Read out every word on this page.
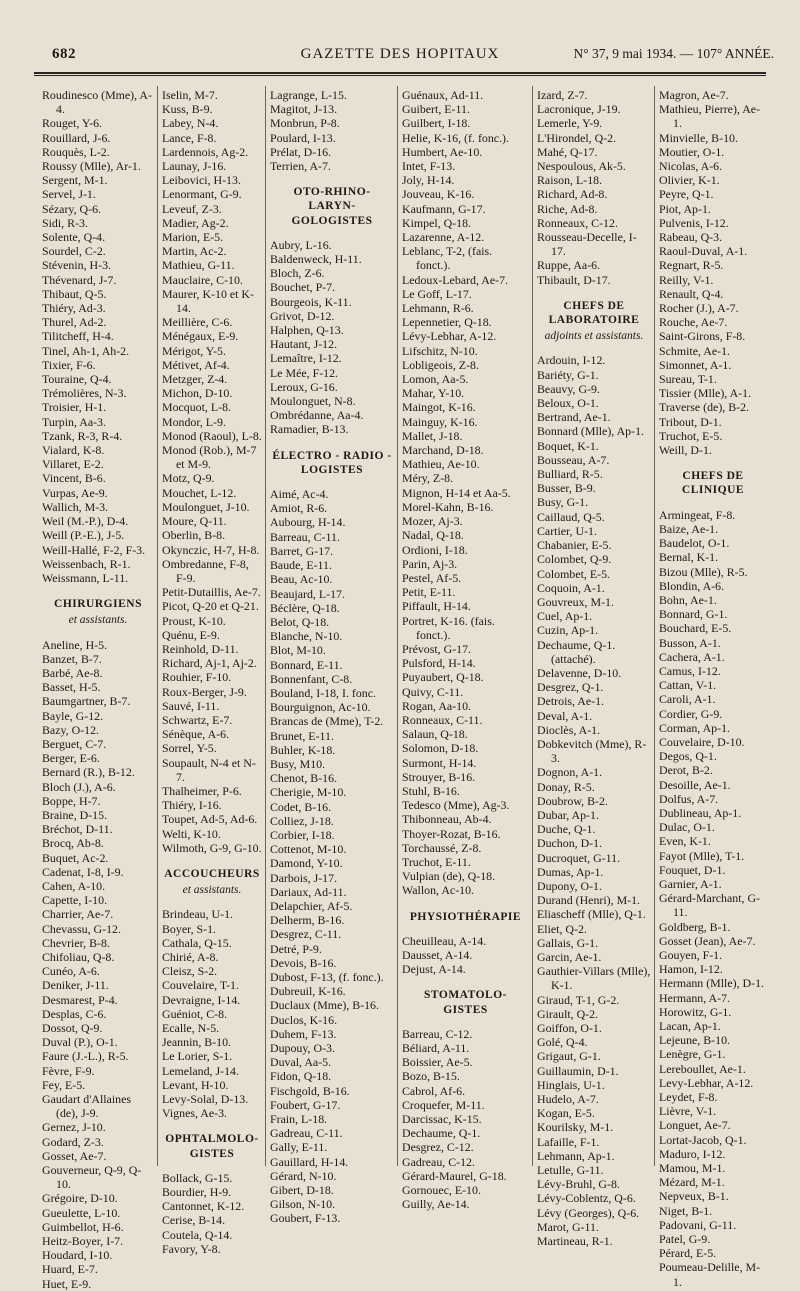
682	GAZETTE DES HOPITAUX	N° 37, 9 mai 1934. — 107° ANNÉE.
Roudinesco (Mme), A-4.
Rouget, Y-6.
Rouillard, J-6.
Rouquès, L-2.
Roussy (Mlle), Ar-1.
Sergent, M-1.
Servel, J-1.
Sézary, Q-6.
Sidi, R-3.
Solente, Q-4.
Sourdel, C-2.
Stévenin, H-3.
Thévenard, J-7.
Thibaut, Q-5.
Thiéry, Ad-3.
Thurel, Ad-2.
Tilitcheff, H-4.
Tinel, Ah-1, Ah-2.
Tixier, F-6.
Touraine, Q-4.
Trémolières, N-3.
Troisier, H-1.
Turpin, Aa-3.
Tzank, R-3, R-4.
Vialard, K-8.
Villaret, E-2.
Vincent, B-6.
Vurpas, Ae-9.
Wallich, M-3.
Weil (M.-P.), D-4.
Weill (P.-E.), J-5.
Weill-Hallé, F-2, F-3.
Weissenbach, R-1.
Weissmann, L-11.
CHIRURGIENS
et assistants.
Aneline, H-5.
Banzet, B-7.
Barbé, Ae-8.
Basset, H-5.
Baumgartner, B-7.
Bayle, G-12.
Bazy, O-12.
Berguet, C-7.
Berger, E-6.
Bernard (R.), B-12.
Bloch (J.), A-6.
Boppe, H-7.
Braine, D-15.
Bréchot, D-11.
Brocq, Ab-8.
Buquet, Ac-2.
Cadenat, I-8, I-9.
Cahen, A-10.
Capette, I-10.
Charrier, Ae-7.
Chevassu, G-12.
Chevrier, B-8.
Chifoliau, Q-8.
Cunéo, A-6.
Deniker, J-11.
Desmarest, P-4.
Desplas, C-6.
Dossot, Q-9.
Duval (P.), O-1.
Faure (J.-L.), R-5.
Fèvre, F-9.
Fey, E-5.
Gaudart d'Allaines (de), J-9.
Gernez, J-10.
Godard, Z-3.
Gosset, Ae-7.
Gouverneur, Q-9, Q-10.
Grégoire, D-10.
Gueulette, L-10.
Guimbellot, H-6.
Heitz-Boyer, I-7.
Houdard, I-10.
Huard, E-7.
Huet, E-9.
Iselin, M-7.
Kuss, B-9.
Labey, N-4.
Lance, F-8.
Lardennois, Ag-2.
Launay, J-16.
Leibovici, H-13.
Lenormant, G-9.
Leveuf, Z-3.
Madier, Ag-2.
Marion, E-5.
Martin, Ac-2.
Mathieu, G-11.
Mauclaire, C-10.
Maurer, K-10 et K-14.
Meillière, C-6.
Ménégaux, E-9.
Mérigot, Y-5.
Métivet, Af-4.
Metzger, Z-4.
Michon, D-10.
Mocquot, L-8.
Mondor, L-9.
Monod (Raoul), L-8.
Monod (Rob.), M-7 et M-9.
Motz, Q-9.
Mouchet, L-12.
Moulonguet, J-10.
Moure, Q-11.
Oberlin, B-8.
Okynczic, H-7, H-8.
Ombredanne, F-8, F-9.
Petit-Dutaillis, Ae-7.
Picot, Q-20 et Q-21.
Proust, K-10.
Quénu, E-9.
Reinhold, D-11.
Richard, Aj-1, Aj-2.
Rouhier, F-10.
Roux-Berger, J-9.
Sauvé, I-11.
Schwartz, E-7.
Sénèque, A-6.
Sorrel, Y-5.
Soupault, N-4 et N-7.
Thalheimer, P-6.
Thiéry, I-16.
Toupet, Ad-5, Ad-6.
Welti, K-10.
Wilmoth, G-9, G-10.
ACCOUCHEURS
et assistants.
Brindeau, U-1.
Boyer, S-1.
Cathala, Q-15.
Chirié, A-8.
Cleisz, S-2.
Couvelaire, T-1.
Devraigne, I-14.
Guéniot, C-8.
Ecalle, N-5.
Jeannin, B-10.
Le Lorier, S-1.
Lemeland, J-14.
Levant, H-10.
Levy-Solal, D-13.
Vignes, Ae-3.
OPHTALMOLO-GISTES
Bollack, G-15.
Bourdier, H-9.
Cantonnet, K-12.
Cerise, B-14.
Coutela, Q-14.
Favory, Y-8.
Lagrange, L-15.
Magitot, J-13.
Monbrun, P-8.
Poulard, I-13.
Prélat, D-16.
Terrien, A-7.
OTO-RHINO-LARYN-GOLOGISTES
Aubry, L-16.
Baldenweck, H-11.
Bloch, Z-6.
Bouchet, P-7.
Bourgeois, K-11.
Grivot, D-12.
Halphen, Q-13.
Hautant, J-12.
Lemaître, I-12.
Le Mée, F-12.
Leroux, G-16.
Moulonguet, N-8.
Ombrédanne, Aa-4.
Ramadier, B-13.
ÉLECTRO - RADIO - LOGISTES
Aimé, Ac-4.
Amiot, R-6.
Aubourg, H-14.
Barreau, C-11.
Barret, G-17.
Baude, E-11.
Beau, Ac-10.
Beaujard, L-17.
Béclère, Q-18.
Belot, Q-18.
Blanche, N-10.
Blot, M-10.
Bonnard, E-11.
Bonnenfant, C-8.
Bouland, I-18, I. fonc.
Bourguignon, Ac-10.
Brancas de (Mme), T-2.
Brunet, E-11.
Buhler, K-18.
Busy, M10.
Chenot, B-16.
Cherigie, M-10.
Codet, B-16.
Colliez, J-18.
Corbier, I-18.
Cottenot, M-10.
Damond, Y-10.
Darbois, J-17.
Dariaux, Ad-11.
Delapchier, Af-5.
Delherm, B-16.
Desgrez, C-11.
Detré, P-9.
Devois, B-16.
Dubost, F-13, (f. fonc.).
Dubreuil, K-16.
Duclaux (Mme), B-16.
Duclos, K-16.
Duhem, F-13.
Dupouy, O-3.
Duval, Aa-5.
Fidon, Q-18.
Fischgold, B-16.
Foubert, G-17.
Frain, L-18.
Gadreau, C-11.
Gally, E-11.
Gauillard, H-14.
Gérard, N-10.
Gibert, D-18.
Gilson, N-10.
Goubert, F-13.
Guénaux, Ad-11.
Guibert, E-11.
Guilbert, I-18.
Helie, K-16, (f. fonc.).
Humbert, Ae-10.
Intet, F-13.
Joly, H-14.
Jouveau, K-16.
Kaufmann, G-17.
Kimpel, Q-18.
Lazarenne, A-12.
Leblanc, T-2, (fais. fonct.).
Ledoux-Lebard, Ae-7.
Le Goff, L-17.
Lehmann, R-6.
Lepennetier, Q-18.
Lévy-Lebhar, A-12.
Lifschitz, N-10.
Lobligeois, Z-8.
Lomon, Aa-5.
Mahar, Y-10.
Maingot, K-16.
Mainguy, K-16.
Mallet, J-18.
Marchand, D-18.
Mathieu, Ae-10.
Méry, Z-8.
Mignon, H-14 et Aa-5.
Morel-Kahn, B-16.
Mozer, Aj-3.
Nadal, Q-18.
Ordioni, I-18.
Parin, Aj-3.
Pestel, Af-5.
Petit, E-11.
Piffault, H-14.
Portret, K-16. (fais. fonct.).
Prévost, G-17.
Pulsford, H-14.
Puyaubert, Q-18.
Quivy, C-11.
Rogan, Aa-10.
Ronneaux, C-11.
Salaun, Q-18.
Solomon, D-18.
Surmont, H-14.
Strouyer, B-16.
Stuhl, B-16.
Tedesco (Mme), Ag-3.
Thibonneau, Ab-4.
Thoyer-Rozat, B-16.
Torchaussé, Z-8.
Truchot, E-11.
Vulpian (de), Q-18.
Wallon, Ac-10.
PHYSIOTHÉRAPIE
Cheuilleau, A-14.
Dausset, A-14.
Dejust, A-14.
STOMATOLO-GISTES
Barreau, C-12.
Béliard, A-11.
Boissier, Ae-5.
Bozo, B-15.
Cabrol, Af-6.
Croquefer, M-11.
Darcissac, K-15.
Dechaume, Q-1.
Desgrez, C-12.
Gadreau, C-12.
Gérard-Maurel, G-18.
Gornouec, E-10.
Guilly, Ae-14.
Izard, Z-7.
Lacronique, J-19.
Lemerle, Y-9.
L'Hirondel, Q-2.
Mahé, Q-17.
Nespoulous, Ak-5.
Raison, L-18.
Richard, Ad-8.
Riche, Ad-8.
Ronneaux, C-12.
Rousseau-Decelle, I-17.
Ruppe, Aa-6.
Thibault, D-17.
CHEFS DE LABORATOIRE
adjoints et assistants.
Ardouin, I-12.
Bariéty, G-1.
Beauvy, G-9.
Beloux, O-1.
Bertrand, Ae-1.
Bonnard (Mlle), Ap-1.
Boquet, K-1.
Bousseau, A-7.
Bulliard, R-5.
Busser, B-9.
Busy, G-1.
Caillaud, Q-5.
Cartier, U-1.
Chabanier, E-5.
Colombet, Q-9.
Colombet, E-5.
Coquoin, A-1.
Gouvreux, M-1.
Cuel, Ap-1.
Cuzin, Ap-1.
Dechaume, Q-1. (attaché).
Delavenne, D-10.
Desgrez, Q-1.
Detrois, Ae-1.
Deval, A-1.
Dioclès, A-1.
Dobkevitch (Mme), R-3.
Dognon, A-1.
Donay, R-5.
Doubrow, B-2.
Dubar, Ap-1.
Duche, Q-1.
Duchon, D-1.
Ducroquet, G-11.
Dumas, Ap-1.
Dupony, O-1.
Durand (Henri), M-1.
Eliascheff (Mlle), Q-1.
Eliet, Q-2.
Gallais, G-1.
Garcin, Ae-1.
Gauthier-Villars (Mlle), K-1.
Giraud, T-1, G-2.
Girault, Q-2.
Goiffon, O-1.
Golé, Q-4.
Grigaut, G-1.
Guillaumin, D-1.
Hinglais, U-1.
Hudelo, A-7.
Kogan, E-5.
Kourilsky, M-1.
Lafaille, F-1.
Lehmann, Ap-1.
Letulle, G-11.
Lévy-Bruhl, G-8.
Lévy-Coblentz, Q-6.
Lévy (Georges), Q-6.
Marot, G-11.
Martineau, R-1.
Magron, Ae-7.
Mathieu, Pierre), Ae-1.
Minvielle, B-10.
Moutier, O-1.
Nicolas, A-6.
Olivier, K-1.
Peyre, Q-1.
Piot, Ap-1.
Pulvenis, I-12.
Rabeau, Q-3.
Raoul-Duval, A-1.
Regnart, R-5.
Reilly, V-1.
Renault, Q-4.
Rocher (J.), A-7.
Rouche, Ae-7.
Saint-Girons, F-8.
Schmite, Ae-1.
Simonnet, A-1.
Sureau, T-1.
Tissier (Mlle), A-1.
Traverse (de), B-2.
Tribout, D-1.
Truchot, E-5.
Weill, D-1.
CHEFS DE CLINIQUE
Armingeat, F-8.
Baize, Ae-1.
Baudelot, O-1.
Bernal, K-1.
Bizou (Mlle), R-5.
Blondin, A-6.
Bohn, Ae-1.
Bonnard, G-1.
Bouchard, E-5.
Busson, A-1.
Cachera, A-1.
Camus, I-12.
Cattan, V-1.
Caroli, A-1.
Cordier, G-9.
Corman, Ap-1.
Couvelaire, D-10.
Degos, Q-1.
Derot, B-2.
Desoille, Ae-1.
Dolfus, A-7.
Dublineau, Ap-1.
Dulac, O-1.
Even, K-1.
Fayot (Mlle), T-1.
Fouquet, D-1.
Garnier, A-1.
Gérard-Marchant, G-11.
Goldberg, B-1.
Gosset (Jean), Ae-7.
Gouyen, F-1.
Hamon, I-12.
Hermann (Mlle), D-1.
Hermann, A-7.
Horowitz, G-1.
Lacan, Ap-1.
Lejeune, B-10.
Lenègre, G-1.
Lereboullet, Ae-1.
Levy-Lebhar, A-12.
Leydet, F-8.
Lièvre, V-1.
Longuet, Ae-7.
Lortat-Jacob, Q-1.
Maduro, I-12.
Mamou, M-1.
Mézard, M-1.
Nepveux, B-1.
Niget, B-1.
Padovani, G-11.
Patel, G-9.
Pérard, E-5.
Poumeau-Delille, M-1.
